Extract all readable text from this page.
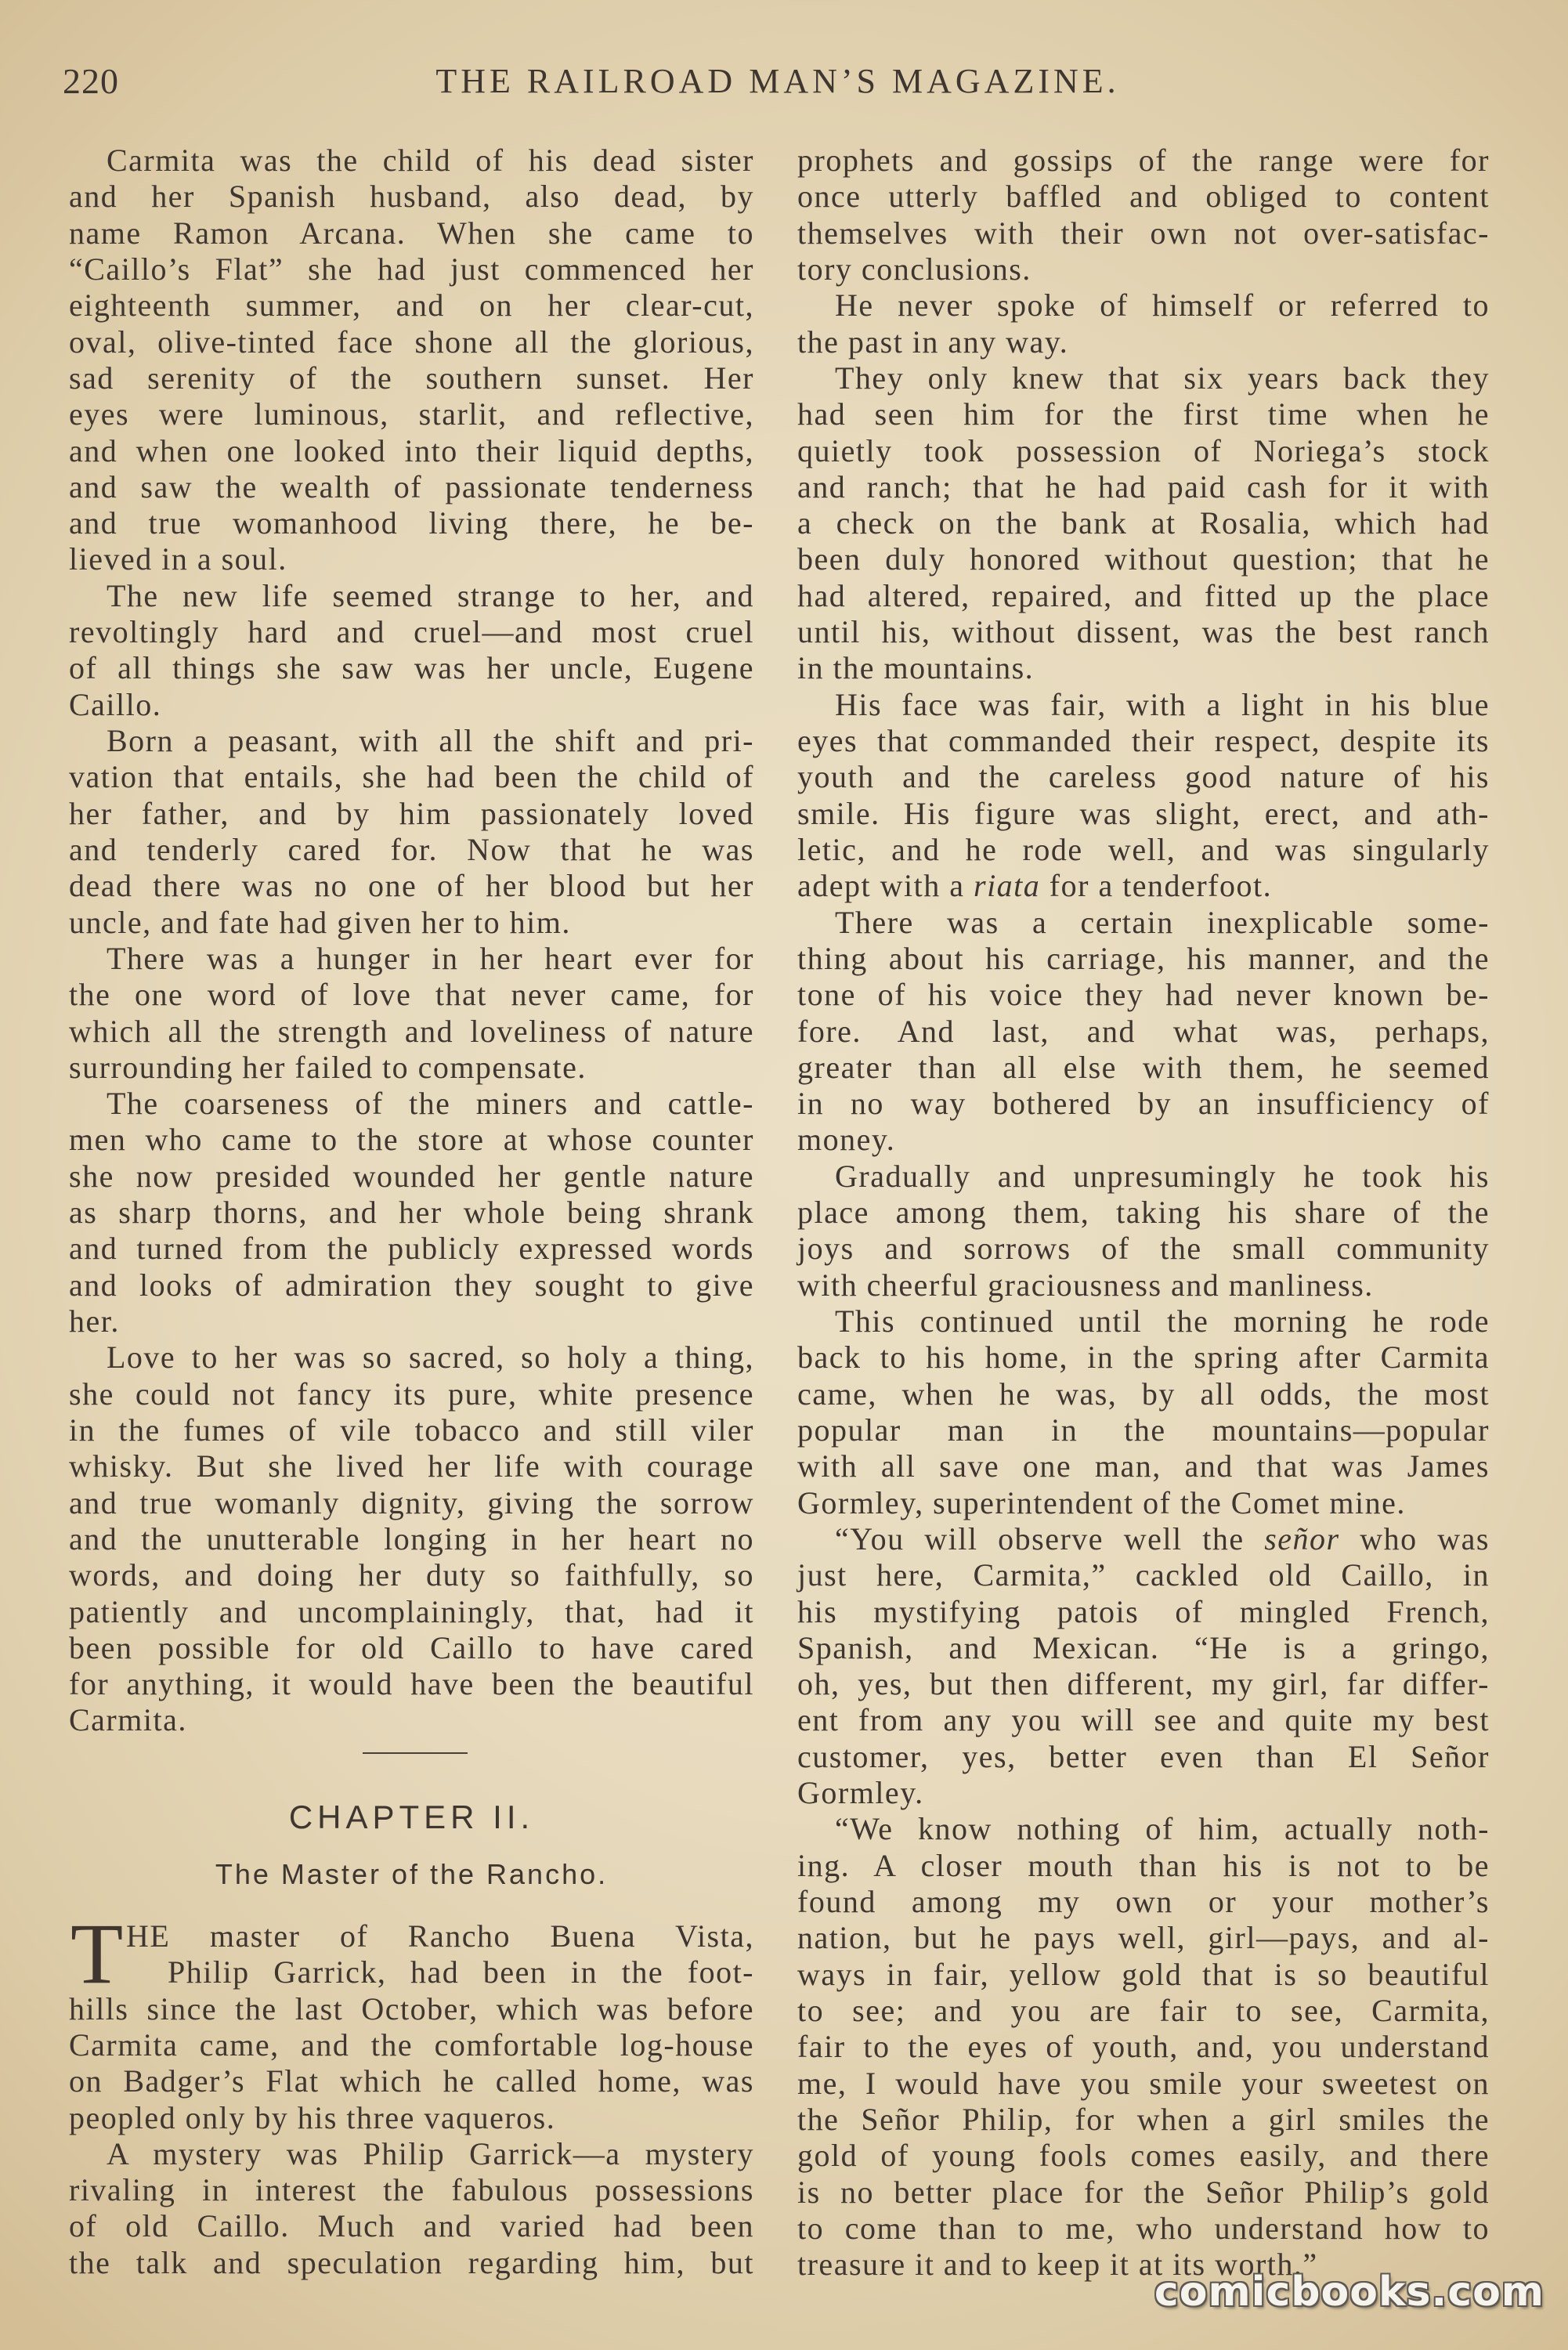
220	THE RAILROAD MAN’S MAGAZINE.
Carmita was the child of his dead sister
and her Spanish husband, also dead, by
name Ramon Arcana. When she came to
“Caillo’s Flat” she had just commenced her
eighteenth summer, and on her clear-cut,
oval, olive-tinted face shone all the glorious,
sad serenity of the southern sunset. Her
eyes were luminous, starlit, and reflective,
and when one looked into their liquid depths,
and saw the wealth of passionate tenderness
and true womanhood living there, he be-
lieved in a soul.
The new life seemed strange to her, and
revoltingly hard and cruel—and most cruel
of all things she saw was her uncle, Eugene
Caillo.
Born a peasant, with all the shift and pri-
vation that entails, she had been the child of
her father, and by him passionately loved
and tenderly cared for. Now that he was
dead there was no one of her blood but her
uncle, and fate had given her to him.
There was a hunger in her heart ever for
the one word of love that never came, for
which all the strength and loveliness of nature
surrounding her failed to compensate.
The coarseness of the miners and cattle-
men who came to the store at whose counter
she now presided wounded her gentle nature
as sharp thorns, and her whole being shrank
and turned from the publicly expressed words
and looks of admiration they sought to give
her.
Love to her was so sacred, so holy a thing,
she could not fancy its pure, white presence
in the fumes of vile tobacco and still viler
whisky. But she lived her life with courage
and true womanly dignity, giving the sorrow
and the unutterable longing in her heart no
words, and doing her duty so faithfully, so
patiently and uncomplainingly, that, had it
been possible for old Caillo to have cared
for anything, it would have been the beautiful
Carmita.
CHAPTER II.
The Master of the Rancho.
T HE master of Rancho Buena Vista,
Philip Garrick, had been in the foot-
hills since the last October, which was before
Carmita came, and the comfortable log-house
on Badger’s Flat which he called home, was
peopled only by his three vaqueros.
A mystery was Philip Garrick—a mystery
rivaling in interest the fabulous possessions
of old Caillo. Much and varied had been
the talk and speculation regarding him, but
prophets and gossips of the range were for
once utterly baffled and obliged to content
themselves with their own not over-satisfac-
tory conclusions.
He never spoke of himself or referred to
the past in any way.
They only knew that six years back they
had seen him for the first time when he
quietly took possession of Noriega’s stock
and ranch; that he had paid cash for it with
a check on the bank at Rosalia, which had
been duly honored without question; that he
had altered, repaired, and fitted up the place
until his, without dissent, was the best ranch
in the mountains.
His face was fair, with a light in his blue
eyes that commanded their respect, despite its
youth and the careless good nature of his
smile. His figure was slight, erect, and ath-
letic, and he rode well, and was singularly
adept with a riata for a tenderfoot.
There was a certain inexplicable some-
thing about his carriage, his manner, and the
tone of his voice they had never known be-
fore. And last, and what was, perhaps,
greater than all else with them, he seemed
in no way bothered by an insufficiency of
money.
Gradually and unpresumingly he took his
place among them, taking his share of the
joys and sorrows of the small community
with cheerful graciousness and manliness.
This continued until the morning he rode
back to his home, in the spring after Carmita
came, when he was, by all odds, the most
popular man in the mountains—popular
with all save one man, and that was James
Gormley, superintendent of the Comet mine.
“You will observe well the señor who was
just here, Carmita,” cackled old Caillo, in
his mystifying patois of mingled French,
Spanish, and Mexican. “He is a gringo,
oh, yes, but then different, my girl, far differ-
ent from any you will see and quite my best
customer, yes, better even than El Señor
Gormley.
“We know nothing of him, actually noth-
ing. A closer mouth than his is not to be
found among my own or your mother’s
nation, but he pays well, girl—pays, and al-
ways in fair, yellow gold that is so beautiful
to see; and you are fair to see, Carmita,
fair to the eyes of youth, and, you understand
me, I would have you smile your sweetest on
the Señor Philip, for when a girl smiles the
gold of young fools comes easily, and there
is no better place for the Señor Philip’s gold
to come than to me, who understand how to
treasure it and to keep it at its worth.”
comicbooks.com
